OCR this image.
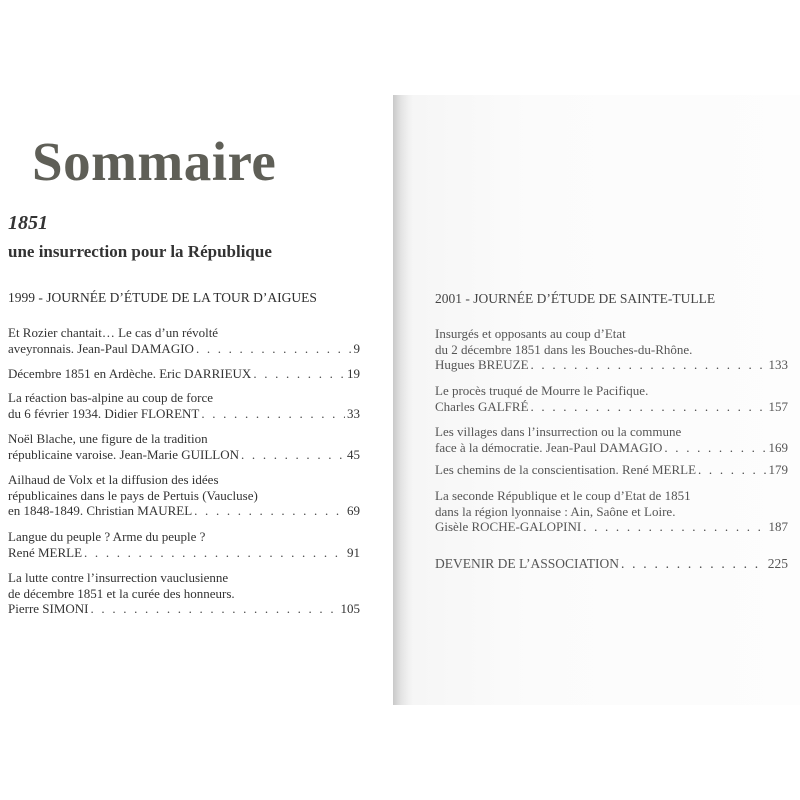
Sommaire
1851
une insurrection pour la République
1999 - JOURNÉE D’ÉTUDE DE LA TOUR D’AIGUES
Et Rozier chantait… Le cas d’un révolté
aveyronnais. Jean-Paul DAMAGIO . . .	9
Décembre 1851 en Ardèche. Eric DARRIEUX . . .	19
La réaction bas-alpine au coup de force
du 6 février 1934. Didier FLORENT . . .	33
Noël Blache, une figure de la tradition
républicaine varoise. Jean-Marie GUILLON . . .	45
Ailhaud de Volx et la diffusion des idées
républicaines dans le pays de Pertuis (Vaucluse)
en 1848-1849. Christian MAUREL . . .	69
Langue du peuple ? Arme du peuple ?
René MERLE . . .	91
La lutte contre l’insurrection vauclusienne
de décembre 1851 et la curée des honneurs.
Pierre SIMONI . . .	105
2001 - JOURNÉE D’ÉTUDE DE SAINTE-TULLE
Insurgés et opposants au coup d’Etat
du 2 décembre 1851 dans les Bouches-du-Rhône.
Hugues BREUZE . . .	133
Le procès truqué de Mourre le Pacifique.
Charles GALFRÉ . . .	157
Les villages dans l’insurrection ou la commune
face à la démocratie. Jean-Paul DAMAGIO . . .	169
Les chemins de la conscientisation. René MERLE . . .	179
La seconde République et le coup d’Etat de 1851
dans la région lyonnaise : Ain, Saône et Loire.
Gisèle ROCHE-GALOPINI . . .	187
DEVENIR DE L’ASSOCIATION . . .	225
